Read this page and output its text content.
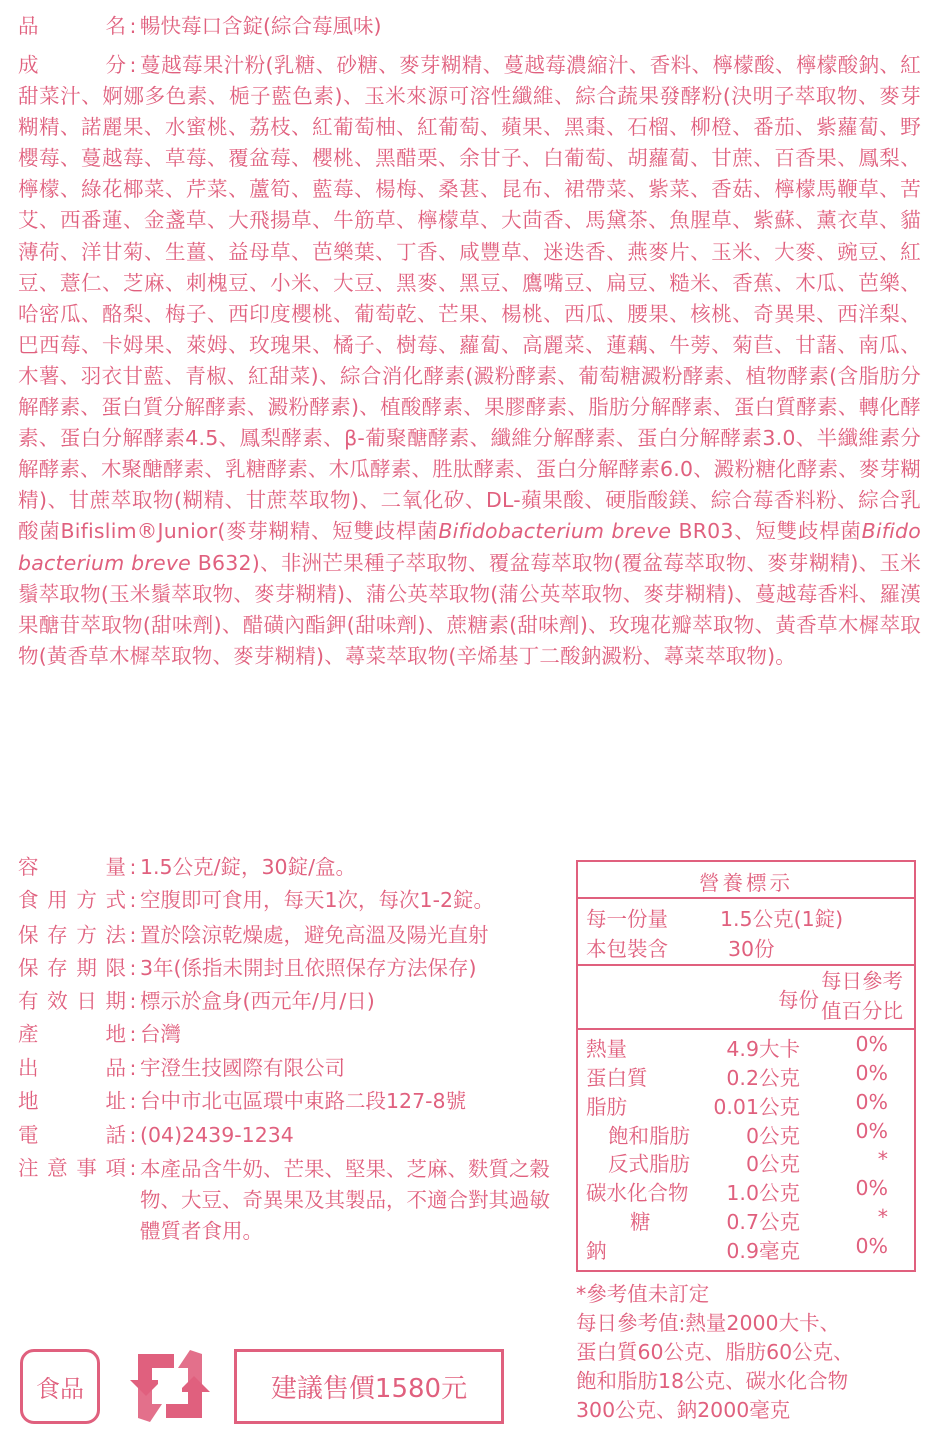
品名 : 暢快莓口含錠(綜合莓風味)
成分 : 蔓越莓果汁粉(乳糖、砂糖、麥芽糊精、蔓越莓濃縮汁、香料、檸檬酸、檸檬酸鈉、紅甜菜汁、婀娜多色素、梔子藍色素)、玉米來源可溶性纖維、綜合蔬果發酵粉(決明子萃取物、麥芽糊精、諾麗果、水蜜桃、荔枝、紅葡萄柚、紅葡萄、蘋果、黑棗、石榴、柳橙、番茄、紫蘿蔔、野櫻莓、蔓越莓、草莓、覆盆莓、櫻桃、黑醋栗、余甘子、白葡萄、胡蘿蔔、甘蔗、百香果、鳳梨、檸檬、綠花椰菜、芹菜、蘆筍、藍莓、楊梅、桑葚、昆布、裙帶菜、紫菜、香菇、檸檬馬鞭草、苦艾、西番蓮、金盞草、大飛揚草、牛筋草、檸檬草、大茴香、馬黛茶、魚腥草、紫蘇、薰衣草、貓薄荷、洋甘菊、生薑、益母草、芭樂葉、丁香、咸豐草、迷迭香、燕麥片、玉米、大麥、豌豆、紅豆、薏仁、芝麻、刺槐豆、小米、大豆、黑麥、黑豆、鷹嘴豆、扁豆、糙米、香蕉、木瓜、芭樂、哈密瓜、酪梨、梅子、西印度櫻桃、葡萄乾、芒果、楊桃、西瓜、腰果、核桃、奇異果、西洋梨、巴西莓、卡姆果、萊姆、玫瑰果、橘子、樹莓、蘿蔔、高麗菜、蓮藕、牛蒡、菊苣、甘藷、南瓜、木薯、羽衣甘藍、青椒、紅甜菜)、綜合消化酵素(澱粉酵素、葡萄糖澱粉酵素、植物酵素(含脂肪分解酵素、蛋白質分解酵素、澱粉酵素)、植酸酵素、果膠酵素、脂肪分解酵素、蛋白質酵素、轉化酵素、蛋白分解酵素4.5、鳳梨酵素、β-葡聚醣酵素、纖維分解酵素、蛋白分解酵素3.0、半纖維素分解酵素、木聚醣酵素、乳糖酵素、木瓜酵素、胜肽酵素、蛋白分解酵素6.0、澱粉糖化酵素、麥芽糊精)、甘蔗萃取物(糊精、甘蔗萃取物)、二氧化矽、DL-蘋果酸、硬脂酸鎂、綜合莓香料粉、綜合乳酸菌Bifislim®Junior(麥芽糊精、短雙歧桿菌Bifidobacterium breve BR03、短雙歧桿菌Bifidobacterium breve B632)、非洲芒果種子萃取物、覆盆莓萃取物(覆盆莓萃取物、麥芽糊精)、玉米鬚萃取物(玉米鬚萃取物、麥芽糊精)、蒲公英萃取物(蒲公英萃取物、麥芽糊精)、蔓越莓香料、羅漢果醣苷萃取物(甜味劑)、醋磺內酯鉀(甜味劑)、蔗糖素(甜味劑)、玫瑰花瓣萃取物、黃香草木樨萃取物(黃香草木樨萃取物、麥芽糊精)、蕁菜萃取物(辛烯基丁二酸鈉澱粉、蕁菜萃取物)。
容量 : 1.5公克/錠，30錠/盒。
食用方式 : 空腹即可食用，每天1次，每次1-2錠。
保存方法 : 置於陰涼乾燥處，避免高溫及陽光直射
保存期限 : 3年(係指未開封且依照保存方法保存)
有效日期 : 標示於盒身(西元年/月/日)
產地 : 台灣
出品 : 宇澄生技國際有限公司
地址 : 台中市北屯區環中東路二段127-8號
電話 : (04)2439-1234
注意事項 : 本產品含牛奶、芒果、堅果、芝麻、麩質之穀物、大豆、奇異果及其製品，不適合對其過敏體質者食用。
營養標示
每一份量	1.5公克(1錠)
本包裝含	30份
每份
每日參考
值百分比
熱量	4.9大卡	0%
蛋白質	0.2公克	0%
脂肪	0.01公克	0%
飽和脂肪	0公克	0%
反式脂肪	0公克	*
碳水化合物 1.0公克	0%
糖	0.7公克	*
鈉	0.9毫克	0%
*參考值未訂定
每日參考值:熱量2000大卡、
蛋白質60公克、脂肪60公克、
飽和脂肪18公克、碳水化合物
300公克、鈉2000毫克
食品	建議售價1580元
